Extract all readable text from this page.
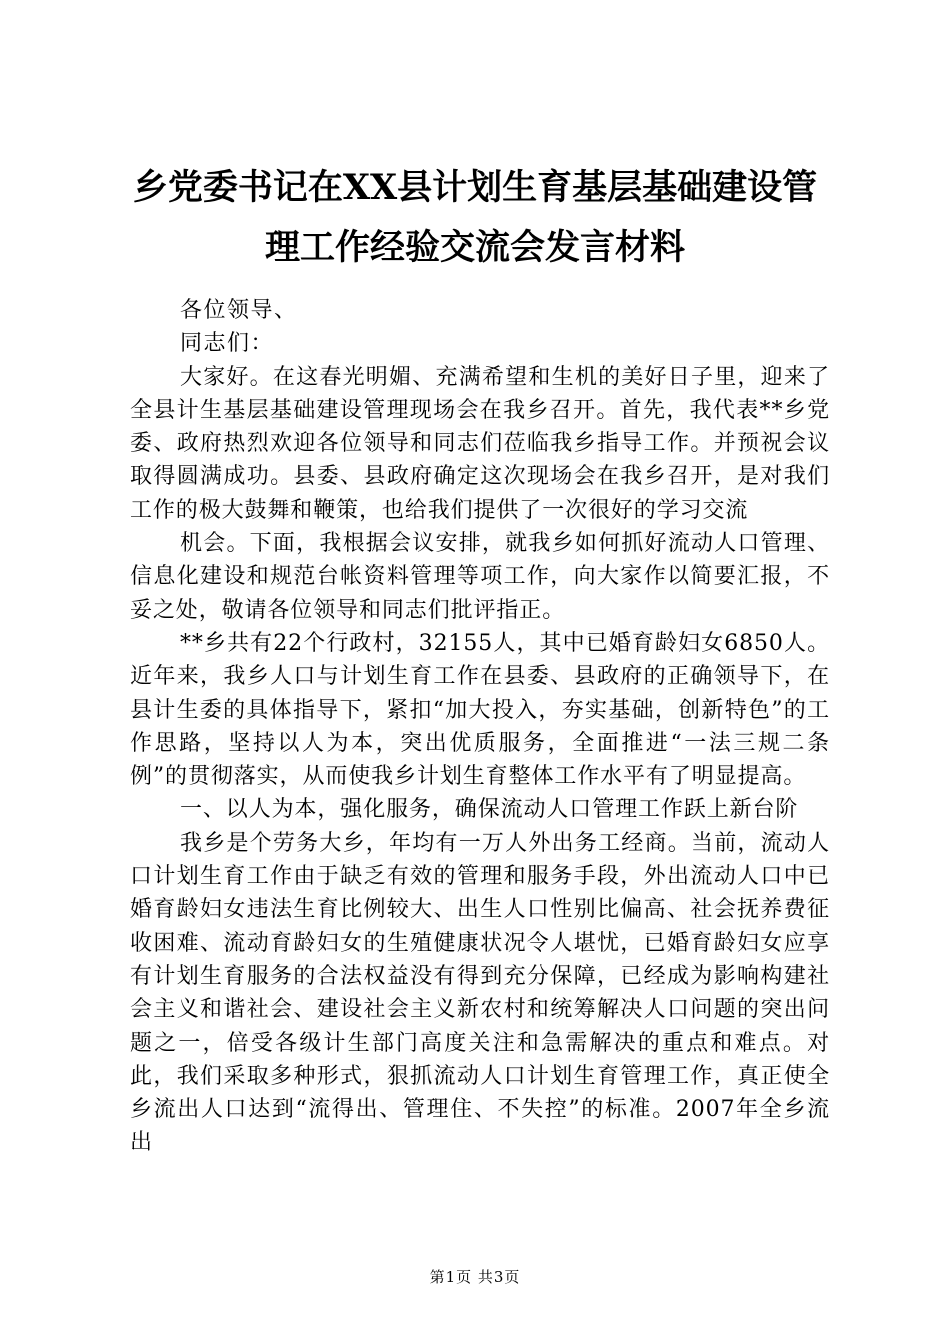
乡党委书记在XX县计划生育基层基础建设管
理工作经验交流会发言材料

各位领导、

同志们：

大家好。在这春光明媚、充满希望和生机的美好日子里，迎来了全县计生基层基础建设管理现场会在我乡召开。首先，我代表**乡党委、政府热烈欢迎各位领导和同志们莅临我乡指导工作。并预祝会议取得圆满成功。县委、县政府确定这次现场会在我乡召开，是对我们工作的极大鼓舞和鞭策，也给我们提供了一次很好的学习交流

机会。下面，我根据会议安排，就我乡如何抓好流动人口管理、信息化建设和规范台帐资料管理等项工作，向大家作以简要汇报，不妥之处，敬请各位领导和同志们批评指正。

**乡共有22个行政村，32155人，其中已婚育龄妇女6850人。近年来，我乡人口与计划生育工作在县委、县政府的正确领导下，在县计生委的具体指导下，紧扣“加大投入，夯实基础，创新特色”的工作思路，坚持以人为本，突出优质服务，全面推进“一法三规二条例”的贯彻落实，从而使我乡计划生育整体工作水平有了明显提高。

一、以人为本，强化服务，确保流动人口管理工作跃上新台阶

我乡是个劳务大乡，年均有一万人外出务工经商。当前，流动人口计划生育工作由于缺乏有效的管理和服务手段，外出流动人口中已婚育龄妇女违法生育比例较大、出生人口性别比偏高、社会抚养费征收困难、流动育龄妇女的生殖健康状况令人堪忧，已婚育龄妇女应享有计划生育服务的合法权益没有得到充分保障，已经成为影响构建社会主义和谐社会、建设社会主义新农村和统筹解决人口问题的突出问题之一，倍受各级计生部门高度关注和急需解决的重点和难点。对此，我们采取多种形式，狠抓流动人口计划生育管理工作，真正使全乡流出人口达到“流得出、管理住、不失控”的标准。2007年全乡流出

第1页 共3页
